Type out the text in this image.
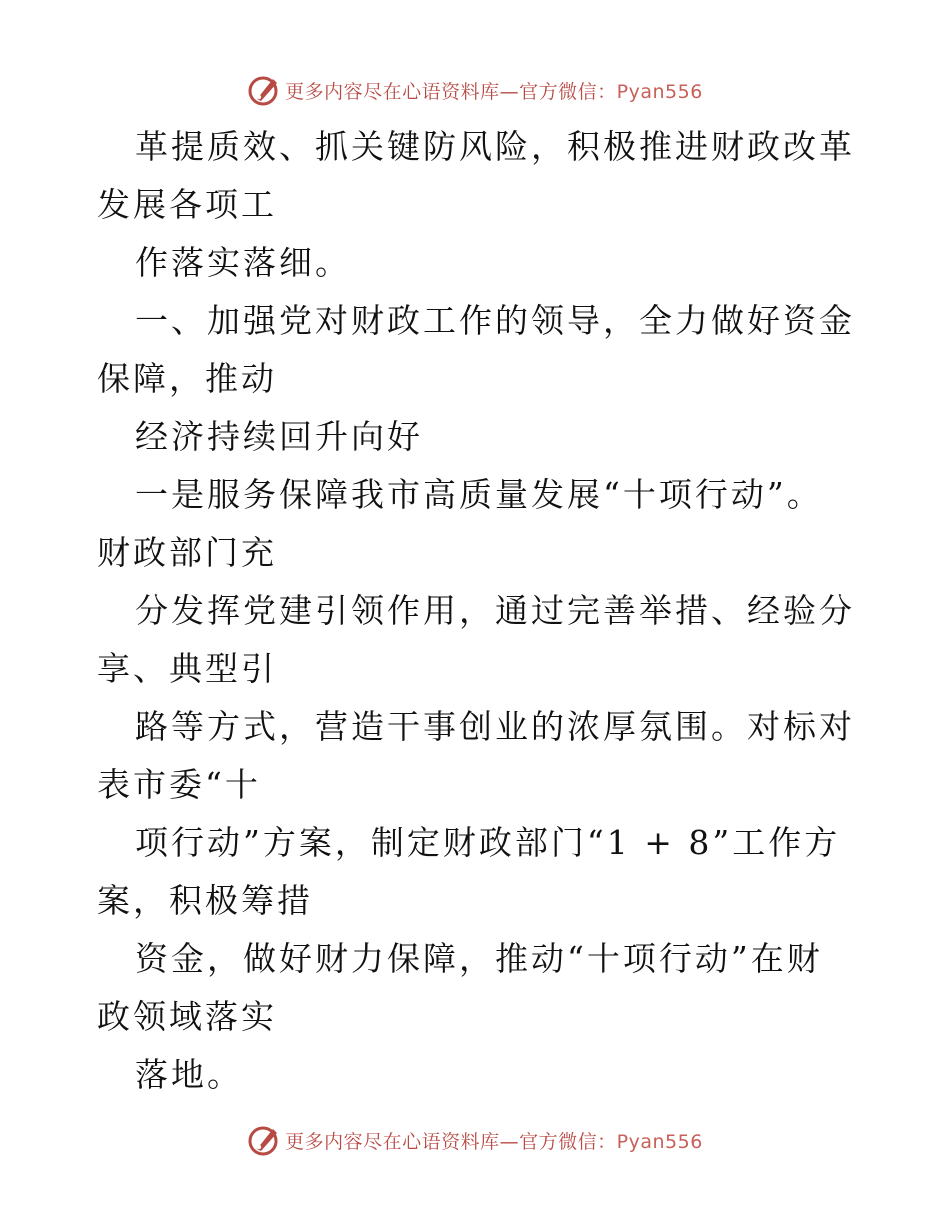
更多内容尽在心语资料库—官方微信：Pyan556

革提质效、抓关键防风险，积极推进财政改革发展各项工

作落实落细。

一、加强党对财政工作的领导，全力做好资金保障，推动

经济持续回升向好

一是服务保障我市高质量发展“十项行动”。财政部门充

分发挥党建引领作用，通过完善举措、经验分享、典型引

路等方式，营造干事创业的浓厚氛围。对标对表市委“十

项行动”方案，制定财政部门“1 + 8”工作方案，积极筹措

资金，做好财力保障，推动“十项行动”在财政领域落实

落地。

更多内容尽在心语资料库—官方微信：Pyan556
